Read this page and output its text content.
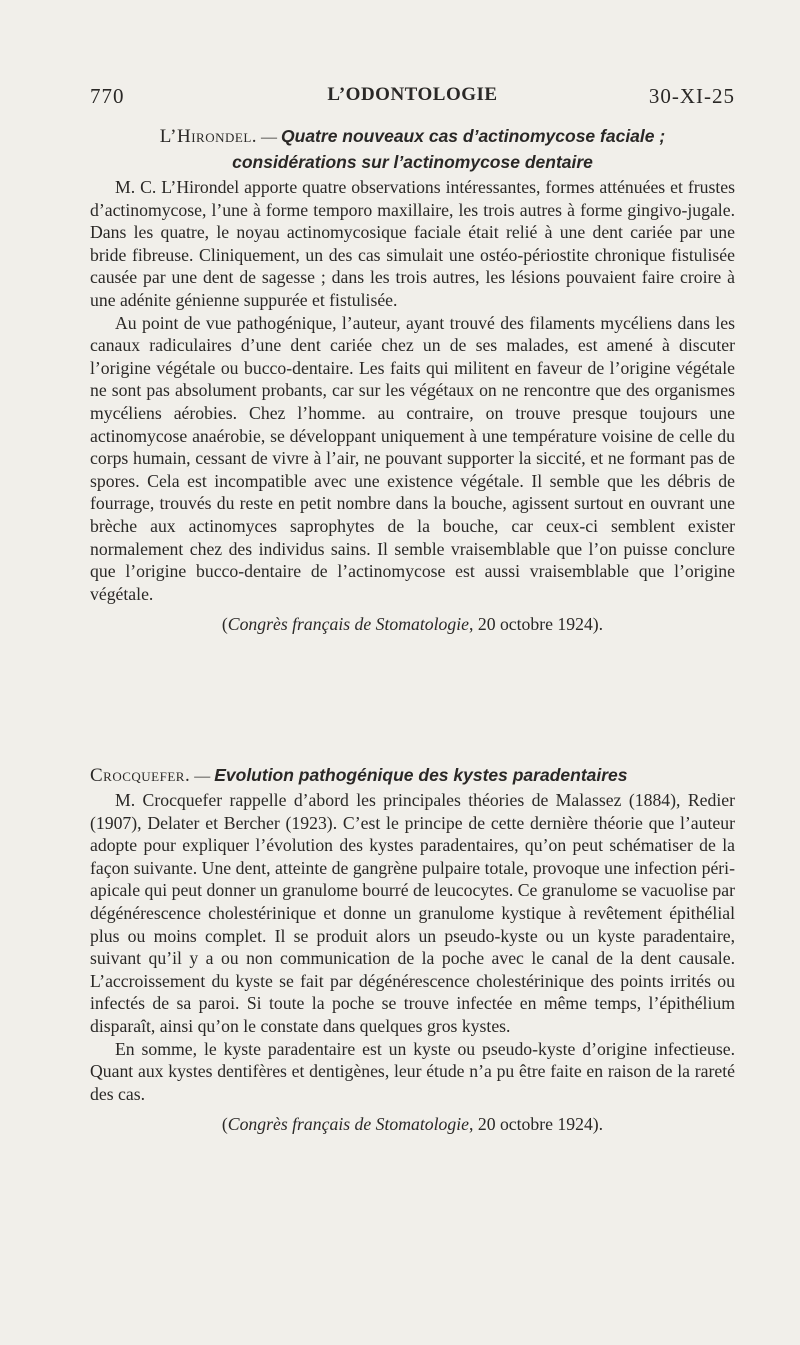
770	L’ODONTOLOGIE	30-XI-25

L’Hirondel. — Quatre nouveaux cas d’actinomycose faciale ;
considérations sur l’actinomycose dentaire

M. C. L’Hirondel apporte quatre observations intéressantes, formes atténuées et frustes d’actinomycose, l’une à forme temporo maxillaire, les trois autres à forme gingivo-jugale. Dans les quatre, le noyau actinomycosique faciale était relié à une dent cariée par une bride fibreuse. Cliniquement, un des cas simulait une ostéo-périostite chronique fistulisée causée par une dent de sagesse ; dans les trois autres, les lésions pouvaient faire croire à une adénite génienne suppurée et fistulisée.

Au point de vue pathogénique, l’auteur, ayant trouvé des filaments mycéliens dans les canaux radiculaires d’une dent cariée chez un de ses malades, est amené à discuter l’origine végétale ou bucco-dentaire. Les faits qui militent en faveur de l’origine végétale ne sont pas absolument probants, car sur les végétaux on ne rencontre que des organismes mycéliens aérobies. Chez l’homme. au contraire, on trouve presque toujours une actinomycose anaérobie, se développant uniquement à une température voisine de celle du corps humain, cessant de vivre à l’air, ne pouvant supporter la siccité, et ne formant pas de spores. Cela est incompatible avec une existence végétale. Il semble que les débris de fourrage, trouvés du reste en petit nombre dans la bouche, agissent surtout en ouvrant une brèche aux actinomyces saprophytes de la bouche, car ceux-ci semblent exister normalement chez des individus sains. Il semble vraisemblable que l’on puisse conclure que l’origine bucco-dentaire de l’actinomycose est aussi vraisemblable que l’origine végétale.

(Congrès français de Stomatologie, 20 octobre 1924).

Crocquefer. — Evolution pathogénique des kystes paradentaires

M. Crocquefer rappelle d’abord les principales théories de Malassez (1884), Redier (1907), Delater et Bercher (1923). C’est le principe de cette dernière théorie que l’auteur adopte pour expliquer l’évolution des kystes paradentaires, qu’on peut schématiser de la façon suivante. Une dent, atteinte de gangrène pulpaire totale, provoque une infection péri-apicale qui peut donner un granulome bourré de leucocytes. Ce granulome se vacuolise par dégénérescence cholestérinique et donne un granulome kystique à revêtement épithélial plus ou moins complet. Il se produit alors un pseudo-kyste ou un kyste paradentaire, suivant qu’il y a ou non communication de la poche avec le canal de la dent causale. L’accroissement du kyste se fait par dégénérescence cholestérinique des points irrités ou infectés de sa paroi. Si toute la poche se trouve infectée en même temps, l’épithélium disparaît, ainsi qu’on le constate dans quelques gros kystes.

En somme, le kyste paradentaire est un kyste ou pseudo-kyste d’origine infectieuse. Quant aux kystes dentifères et dentigènes, leur étude n’a pu être faite en raison de la rareté des cas.

(Congrès français de Stomatologie, 20 octobre 1924).
